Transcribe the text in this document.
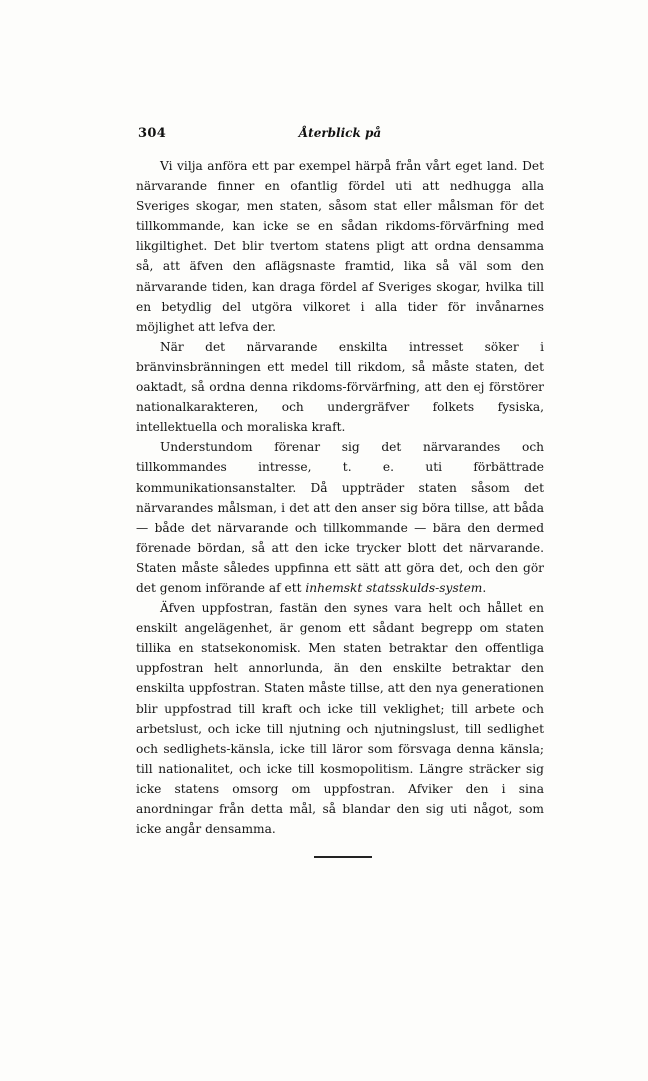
304	Återblick på

Vi vilja anföra ett par exempel härpå från vårt eget land. Det närvarande finner en ofantlig fördel uti att nedhugga alla Sveriges skogar, men staten, såsom stat eller målsman för det tillkommande, kan icke se en sådan rikdoms-förvärfning med likgiltighet. Det blir tvertom statens pligt att ordna densamma så, att äfven den aflägsnaste framtid, lika så väl som den närvarande tiden, kan draga fördel af Sveriges skogar, hvilka till en betydlig del utgöra vilkoret i alla tider för invånarnes möjlighet att lefva der.

När det närvarande enskilta intresset söker i bränvinsbränningen ett medel till rikdom, så måste staten, det oaktadt, så ordna denna rikdoms-förvärfning, att den ej förstörer nationalkarakteren, och undergräfver folkets fysiska, intellektuella och moraliska kraft.

Understundom förenar sig det närvarandes och tillkommandes intresse, t. e. uti förbättrade kommunikationsanstalter. Då uppträder staten såsom det närvarandes målsman, i det att den anser sig böra tillse, att båda — både det närvarande och tillkommande — bära den dermed förenade bördan, så att den icke trycker blott det närvarande. Staten måste således uppfinna ett sätt att göra det, och den gör det genom införande af ett inhemskt statsskulds-system.

Äfven uppfostran, fastän den synes vara helt och hållet en enskilt angelägenhet, är genom ett sådant begrepp om staten tillika en statsekonomisk. Men staten betraktar den offentliga uppfostran helt annorlunda, än den enskilte betraktar den enskilta uppfostran. Staten måste tillse, att den nya generationen blir uppfostrad till kraft och icke till veklighet; till arbete och arbetslust, och icke till njutning och njutningslust, till sedlighet och sedlighets-känsla, icke till läror som försvaga denna känsla; till nationalitet, och icke till kosmopolitism. Längre sträcker sig icke statens omsorg om uppfostran. Afviker den i sina anordningar från detta mål, så blandar den sig uti något, som icke angår densamma.
